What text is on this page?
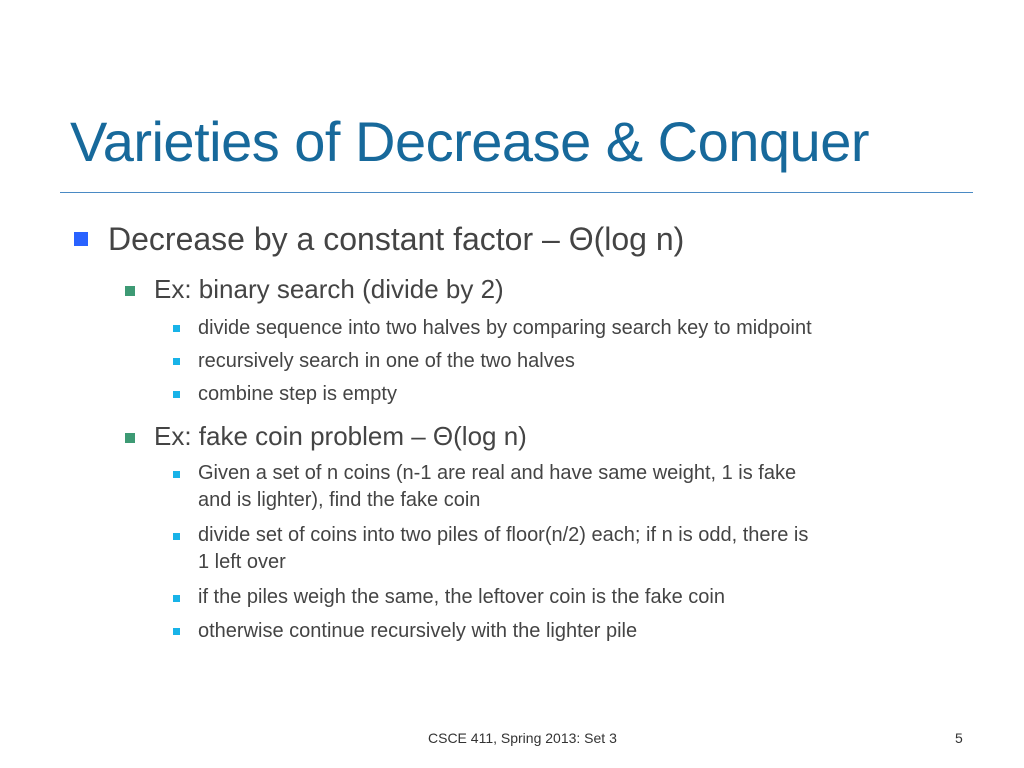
Varieties of Decrease & Conquer
Decrease by a constant factor – Θ(log n)
Ex: binary search (divide by 2)
divide sequence into two halves by comparing search key to midpoint
recursively search in one of the two halves
combine step is empty
Ex: fake coin problem – Θ(log n)
Given a set of n coins (n-1 are real and have same weight, 1 is fake
and is lighter), find the fake coin
divide set of coins into two piles of floor(n/2) each; if n is odd, there is
1 left over
if the piles weigh the same, the leftover coin is the fake coin
otherwise continue recursively with the lighter pile
CSCE 411, Spring 2013: Set 3	5
